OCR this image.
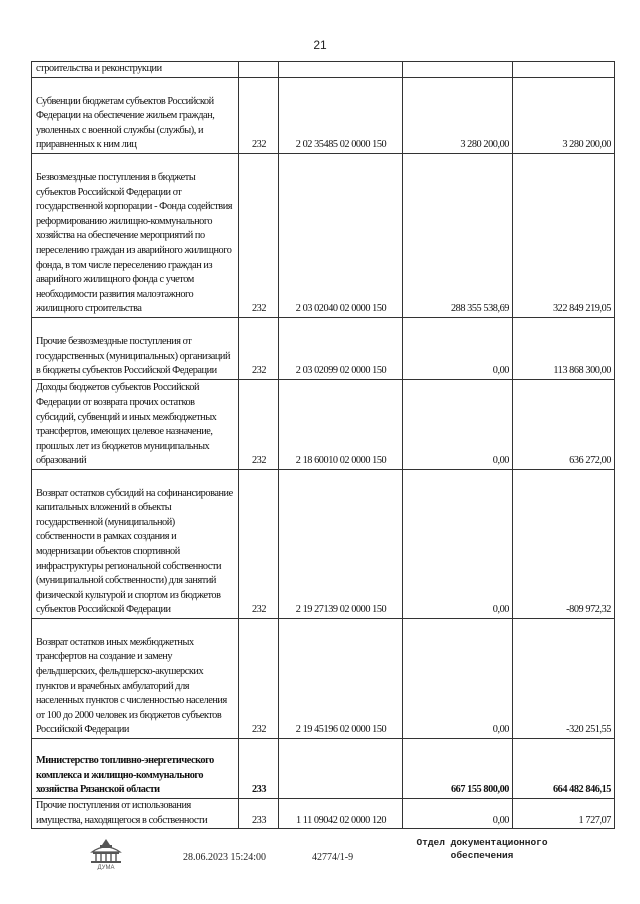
21
строительства и реконструкции				
Субвенции бюджетам субъектов Российской Федерации на обеспечение жильем граждан, уволенных с военной службы (службы), и приравненных к ним лиц	232	2 02 35485 02 0000 150	3 280 200,00	3 280 200,00
Безвозмездные поступления в бюджеты субъектов Российской Федерации от государственной корпорации - Фонда содействия реформированию жилищно-коммунального хозяйства на обеспечение мероприятий по переселению граждан из аварийного жилищного фонда, в том числе переселению граждан из аварийного жилищного фонда с учетом необходимости развития малоэтажного жилищного строительства	232	2 03 02040 02 0000 150	288 355 538,69	322 849 219,05
Прочие безвозмездные поступления от государственных (муниципальных) организаций в бюджеты субъектов Российской Федерации	232	2 03 02099 02 0000 150	0,00	113 868 300,00
Доходы бюджетов субъектов Российской Федерации от возврата прочих остатков субсидий, субвенций и иных межбюджетных трансфертов, имеющих целевое назначение, прошлых лет из бюджетов муниципальных образований	232	2 18 60010 02 0000 150	0,00	636 272,00
Возврат остатков субсидий на софинансирование капитальных вложений в объекты государственной (муниципальной) собственности в рамках создания и модернизации объектов спортивной инфраструктуры региональной собственности (муниципальной собственности) для занятий физической культурой и спортом из бюджетов субъектов Российской Федерации	232	2 19 27139 02 0000 150	0,00	-809 972,32
Возврат остатков иных межбюджетных трансфертов на создание и замену фельдшерских, фельдшерско-акушерских пунктов и врачебных амбулаторий для населенных пунктов с численностью населения от 100 до 2000 человек из бюджетов субъектов Российской Федерации	232	2 19 45196 02 0000 150	0,00	-320 251,55
Министерство топливно-энергетического комплекса и жилищно-коммунального хозяйства Рязанской области	233		667 155 800,00	664 482 846,15
Прочие поступления от использования имущества, находящегося в собственности	233	1 11 09042 02 0000 120	0,00	1 727,07
ДУМА
28.06.2023 15:24:00	42774/1-9
Отдел документационного
обеспечения
